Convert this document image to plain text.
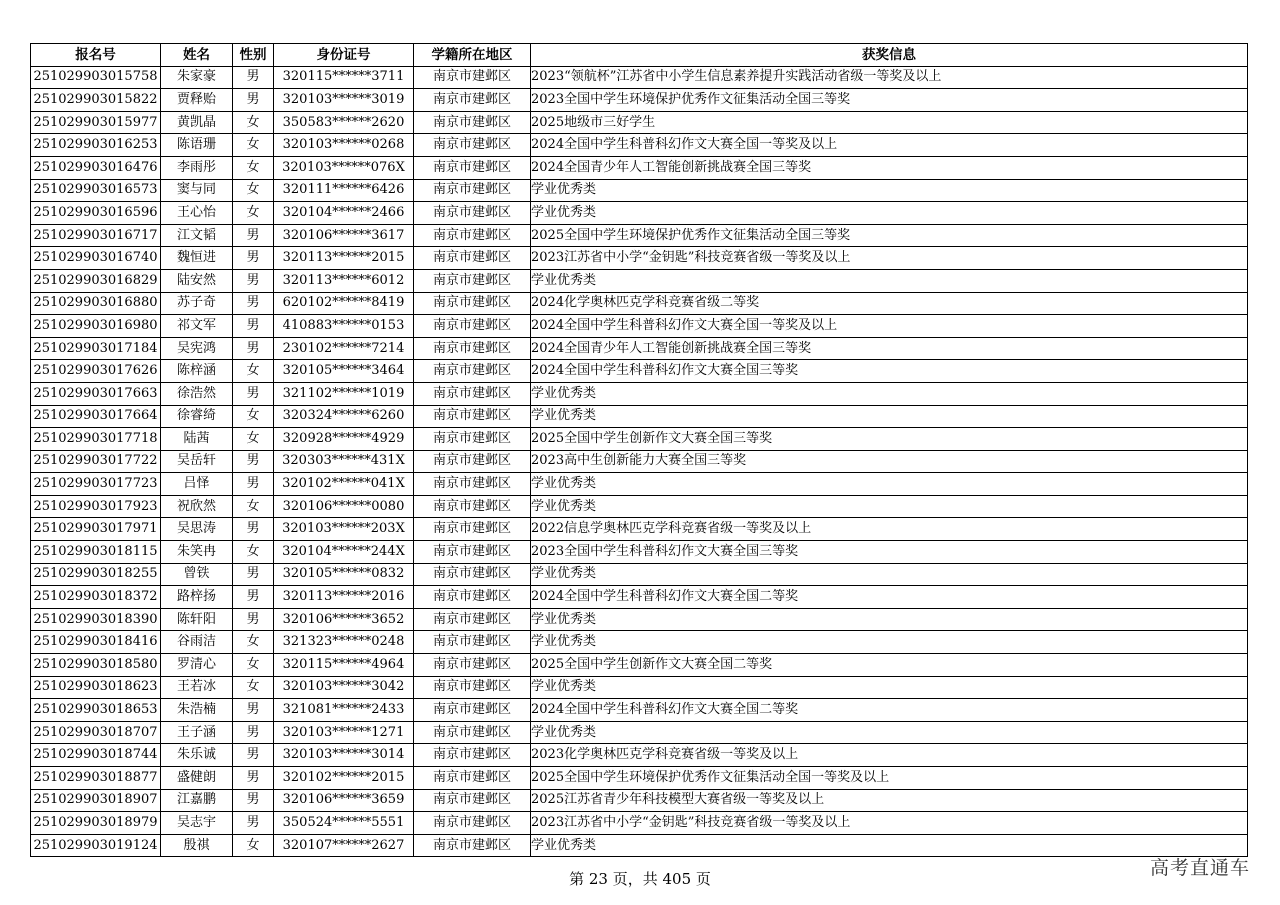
报名号	姓名	性别	身份证号	学籍所在地区	获奖信息
251029903015758	朱家豪	男	320115******3711	南京市建邺区	2023“领航杯”江苏省中小学生信息素养提升实践活动省级一等奖及以上
251029903015822	贾释贻	男	320103******3019	南京市建邺区	2023全国中学生环境保护优秀作文征集活动全国三等奖
251029903015977	黄凯晶	女	350583******2620	南京市建邺区	2025地级市三好学生
251029903016253	陈语珊	女	320103******0268	南京市建邺区	2024全国中学生科普科幻作文大赛全国一等奖及以上
251029903016476	李雨彤	女	320103******076X	南京市建邺区	2024全国青少年人工智能创新挑战赛全国三等奖
251029903016573	窦与同	女	320111******6426	南京市建邺区	学业优秀类
251029903016596	王心怡	女	320104******2466	南京市建邺区	学业优秀类
251029903016717	江文韬	男	320106******3617	南京市建邺区	2025全国中学生环境保护优秀作文征集活动全国三等奖
251029903016740	魏恒进	男	320113******2015	南京市建邺区	2023江苏省中小学“金钥匙”科技竞赛省级一等奖及以上
251029903016829	陆安然	男	320113******6012	南京市建邺区	学业优秀类
251029903016880	苏子奇	男	620102******8419	南京市建邺区	2024化学奥林匹克学科竞赛省级二等奖
251029903016980	祁文军	男	410883******0153	南京市建邺区	2024全国中学生科普科幻作文大赛全国一等奖及以上
251029903017184	吴宪鸿	男	230102******7214	南京市建邺区	2024全国青少年人工智能创新挑战赛全国三等奖
251029903017626	陈梓涵	女	320105******3464	南京市建邺区	2024全国中学生科普科幻作文大赛全国三等奖
251029903017663	徐浩然	男	321102******1019	南京市建邺区	学业优秀类
251029903017664	徐睿绮	女	320324******6260	南京市建邺区	学业优秀类
251029903017718	陆茜	女	320928******4929	南京市建邺区	2025全国中学生创新作文大赛全国三等奖
251029903017722	吴岳轩	男	320303******431X	南京市建邺区	2023高中生创新能力大赛全国三等奖
251029903017723	吕怿	男	320102******041X	南京市建邺区	学业优秀类
251029903017923	祝欣然	女	320106******0080	南京市建邺区	学业优秀类
251029903017971	吴思涛	男	320103******203X	南京市建邺区	2022信息学奥林匹克学科竞赛省级一等奖及以上
251029903018115	朱笑冉	女	320104******244X	南京市建邺区	2023全国中学生科普科幻作文大赛全国三等奖
251029903018255	曾铁	男	320105******0832	南京市建邺区	学业优秀类
251029903018372	路梓扬	男	320113******2016	南京市建邺区	2024全国中学生科普科幻作文大赛全国二等奖
251029903018390	陈轩阳	男	320106******3652	南京市建邺区	学业优秀类
251029903018416	谷雨洁	女	321323******0248	南京市建邺区	学业优秀类
251029903018580	罗清心	女	320115******4964	南京市建邺区	2025全国中学生创新作文大赛全国二等奖
251029903018623	王若冰	女	320103******3042	南京市建邺区	学业优秀类
251029903018653	朱浩楠	男	321081******2433	南京市建邺区	2024全国中学生科普科幻作文大赛全国二等奖
251029903018707	王子涵	男	320103******1271	南京市建邺区	学业优秀类
251029903018744	朱乐诚	男	320103******3014	南京市建邺区	2023化学奥林匹克学科竞赛省级一等奖及以上
251029903018877	盛健朗	男	320102******2015	南京市建邺区	2025全国中学生环境保护优秀作文征集活动全国一等奖及以上
251029903018907	江嘉鹏	男	320106******3659	南京市建邺区	2025江苏省青少年科技模型大赛省级一等奖及以上
251029903018979	吴志宇	男	350524******5551	南京市建邺区	2023江苏省中小学“金钥匙”科技竞赛省级一等奖及以上
251029903019124	殷祺	女	320107******2627	南京市建邺区	学业优秀类
第 23 页，共 405 页	高考直通车
